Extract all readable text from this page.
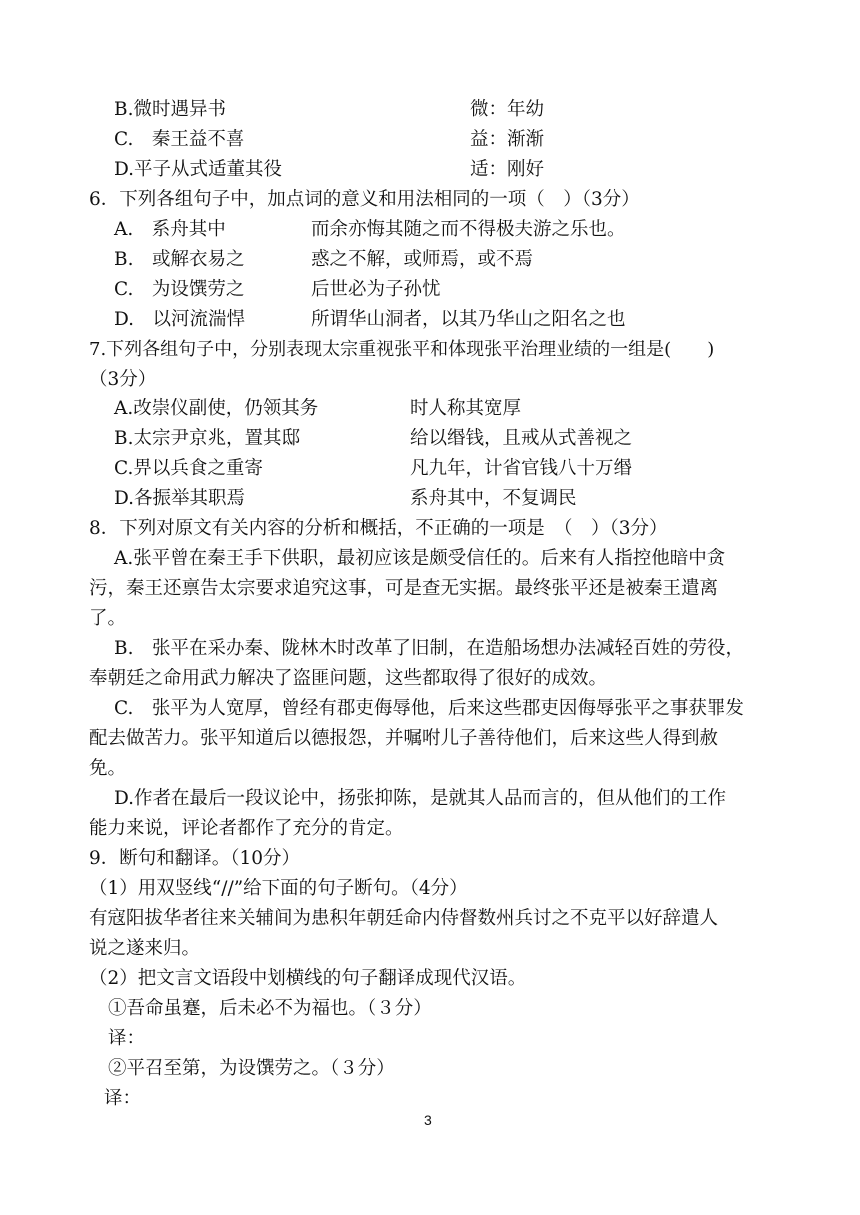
B.微时遇异书	微：年幼
C.　秦王益不喜	益：渐渐
D.平子从式适董其役	适：刚好
6．下列各组句子中，加点词的意义和用法相同的一项（　）（3分）
A.　系舟其中	而余亦悔其随之而不得极夫游之乐也。
B.　或解衣易之	惑之不解，或师焉，或不焉
C.　为设馔劳之	后世必为子孙忧
D.　以河流湍悍	所谓华山洞者，以其乃华山之阳名之也
7.下列各组句子中，分别表现太宗重视张平和体现张平治理业绩的一组是(　　)
（3分）
A.改崇仪副使，仍领其务	时人称其宽厚
B.太宗尹京兆，置其邸	给以缗钱，且戒从式善视之
C.畀以兵食之重寄	凡九年，计省官钱八十万缗
D.各振举其职焉	系舟其中，不复调民
8．下列对原文有关内容的分析和概括，不正确的一项是　（　）（3分）
A.张平曾在秦王手下供职，最初应该是颇受信任的。后来有人指控他暗中贪
污，秦王还禀告太宗要求追究这事，可是查无实据。最终张平还是被秦王遣离
了。
B.　张平在采办秦、陇林木时改革了旧制，在造船场想办法减轻百姓的劳役，
奉朝廷之命用武力解决了盗匪问题，这些都取得了很好的成效。
C.　张平为人宽厚，曾经有郡吏侮辱他，后来这些郡吏因侮辱张平之事获罪发
配去做苦力。张平知道后以德报怨，并嘱咐儿子善待他们，后来这些人得到赦
免。
D.作者在最后一段议论中，扬张抑陈，是就其人品而言的，但从他们的工作
能力来说，评论者都作了充分的肯定。
9．断句和翻译。（10分）
（1）用双竖线“//”给下面的句子断句。（4分）
有寇阳拔华者往来关辅间为患积年朝廷命内侍督数州兵讨之不克平以好辞遣人
说之遂来归。
（2）把文言文语段中划横线的句子翻译成现代汉语。
①吾命虽蹇，后未必不为福也。（３分）
译：
②平召至第，为设馔劳之。（３分）
译：
3
